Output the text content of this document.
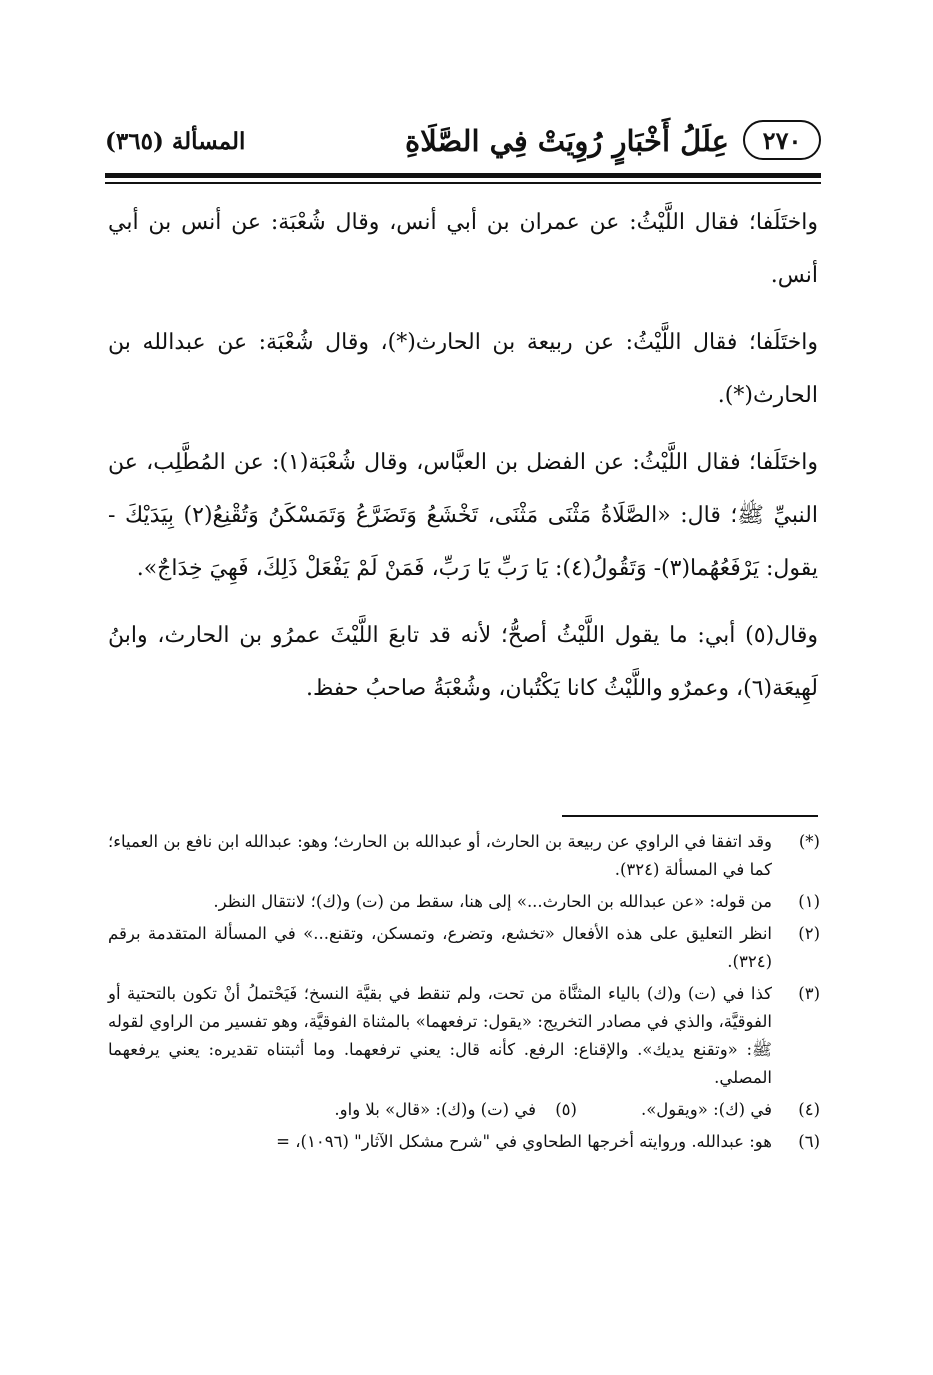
٢٧٠
عِلَلُ أَخْبَارٍ رُوِيَتْ فِي الصَّلَاةِ
المسألة (٣٦٥)

واختَلَفا؛ فقال اللَّيْثُ: عن عمران بن أبي أنس، وقال شُعْبَة: عن أنس بن أبي أنس.

واختَلَفا؛ فقال اللَّيْثُ: عن ربيعة بن الحارث(*)، وقال شُعْبَة: عن عبدالله بن الحارث(*).

واختَلَفا؛ فقال اللَّيْثُ: عن الفضل بن العبَّاس، وقال شُعْبَة(١): عن المُطَّلِب، عن النبيِّ ﷺ؛ قال: «الصَّلَاةُ مَثْنَى مَثْنَى، تَخْشَعُ وَتَضَرَّعُ وَتَمَسْكَنُ وَتُقْنِعُ(٢) بِيَدَيْكَ - يقول: يَرْفَعُهُما(٣)- وَتَقُولُ(٤): يَا رَبِّ يَا رَبِّ، فَمَنْ لَمْ يَفْعَلْ ذَلِكَ، فَهِيَ خِدَاجٌ».

وقال(٥) أبي: ما يقول اللَّيْثُ أصحُّ؛ لأنه قد تابعَ اللَّيْثَ عمرُو بن الحارث، وابنُ لَهِيعَة(٦)، وعمرٌو واللَّيْثُ كانا يَكْتُبان، وشُعْبَةُ صاحبُ حفظ.

(*)
وقد اتفقا في الراوي عن ربيعة بن الحارث، أو عبدالله بن الحارث؛ وهو: عبدالله ابن نافع بن العمياء؛ كما في المسألة (٣٢٤).
(١)
من قوله: «عن عبدالله بن الحارث...» إلى هنا، سقط من (ت) و(ك)؛ لانتقال النظر.
(٢)
انظر التعليق على هذه الأفعال «تخشع، وتضرع، وتمسكن، وتقنع...» في المسألة المتقدمة برقم (٣٢٤).
(٣)
كذا في (ت) و(ك) بالياء المثنَّاة من تحت، ولم تنقط في بقيَّة النسخ؛ فَيَحْتملُ أنْ تكون بالتحتية أو الفوقيَّة، والذي في مصادر التخريج: «يقول: ترفعهما» بالمثناة الفوقيَّة، وهو تفسير من الراوي لقوله ﷺ: «وتقنع يديك». والإقناع: الرفع. كأنه قال: يعني ترفعهما. وما أثبتناه تقديره: يعني يرفعهما المصلي.
(٤)
في (ك): «ويقول».
(٥) في (ت) و(ك): «قال» بلا واو.
(٦)
هو: عبدالله. وروايته أخرجها الطحاوي في "شرح مشكل الآثار" (١٠٩٦)، =
